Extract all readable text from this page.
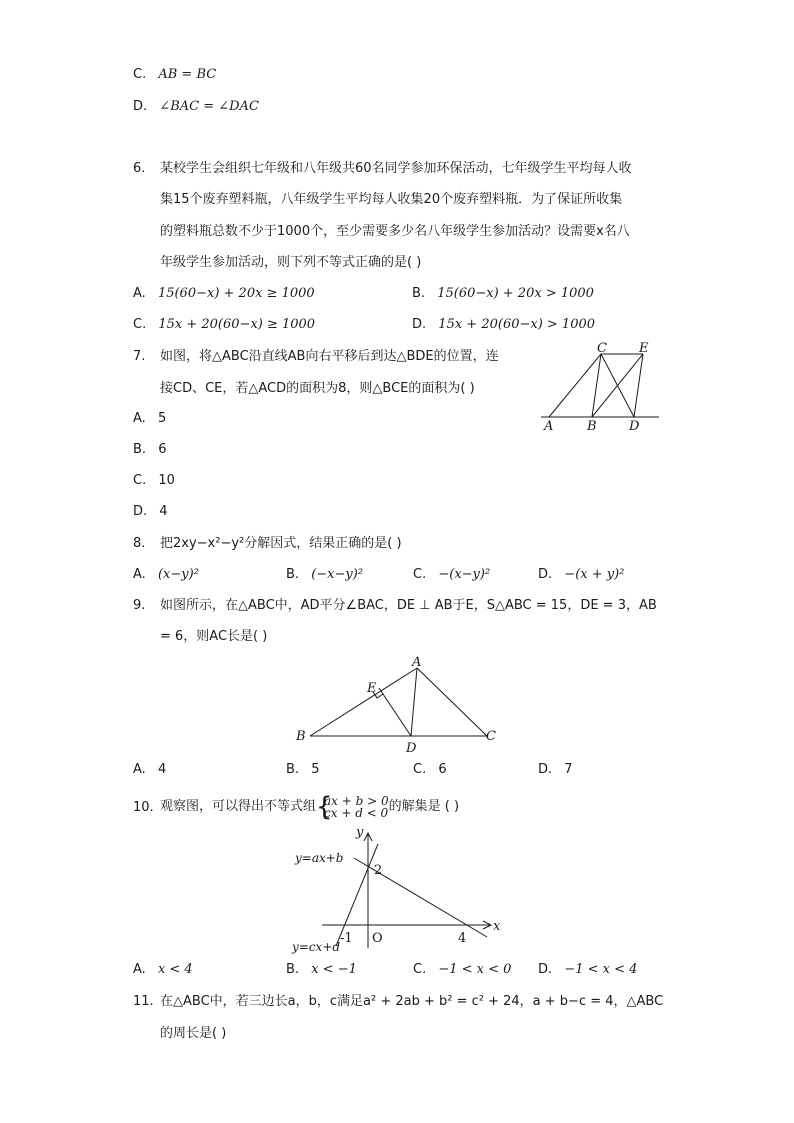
C. AB = BC
D. ∠BAC = ∠DAC
6. 某校学生会组织七年级和八年级共60名同学参加环保活动，七年级学生平均每人收
集15个废弃塑料瓶，八年级学生平均每人收集20个废弃塑料瓶．为了保证所收集
的塑料瓶总数不少于1000个，至少需要多少名八年级学生参加活动？设需要x名八
年级学生参加活动，则下列不等式正确的是( )
A. 15(60−x) + 20x ≥ 1000	B. 15(60−x) + 20x > 1000
C. 15x + 20(60−x) ≥ 1000	D. 15x + 20(60−x) > 1000
7. 如图，将△ABC沿直线AB向右平移后到达△BDE的位置，连
接CD、CE，若△ACD的面积为8，则△BCE的面积为( )
A. 5
B. 6
C. 10
D. 4
C E
A	B D
8. 把2xy−x²−y²分解因式，结果正确的是( )
A. (x−y)²	B. (−x−y)²	C. −(x−y)²	D. −(x + y)²
9. 如图所示，在△ABC中，AD平分∠BAC，DE ⊥ AB于E，S△ABC = 15，DE = 3，AB
= 6，则AC长是( )
A
E
B
D
C
A. 4	B. 5	C. 6	D. 7
10. 观察图，可以得出不等式组 {
ax + b > 0
cx + d < 0 的解集是 ( )
y
x
O
2
-1	4
y=ax+b
y=cx+d
A. x < 4	B. x < −1	C. −1 < x < 0 D. −1 < x < 4
11. 在△ABC中，若三边长a，b，c满足a² + 2ab + b² = c² + 24，a + b−c = 4，△ABC
的周长是( )
